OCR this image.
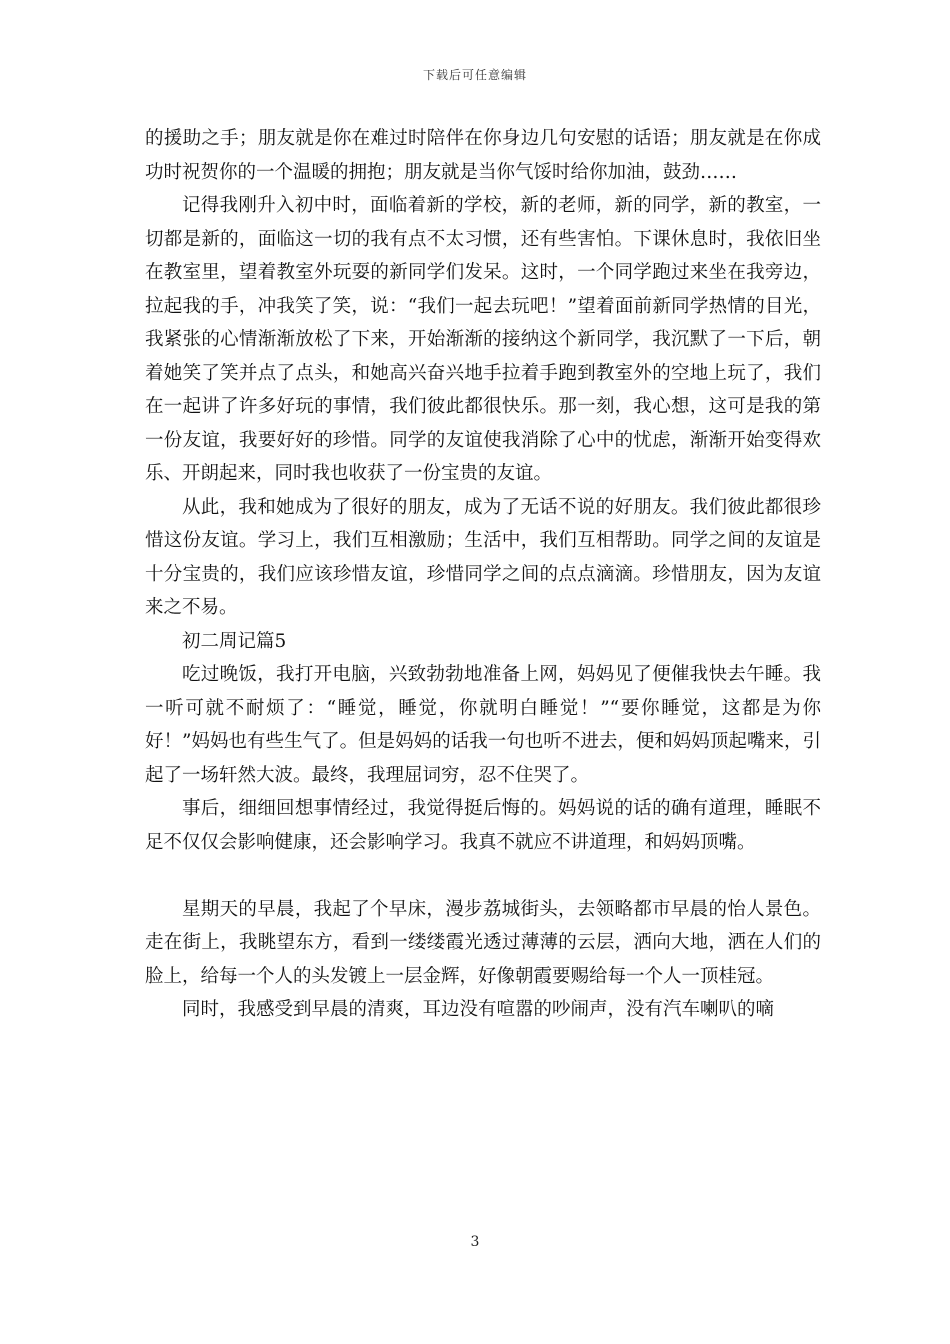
下载后可任意编辑

的援助之手；朋友就是你在难过时陪伴在你身边几句安慰的话语；朋友就是在你成功时祝贺你的一个温暖的拥抱；朋友就是当你气馁时给你加油，鼓劲……

记得我刚升入初中时，面临着新的学校，新的老师，新的同学，新的教室，一切都是新的，面临这一切的我有点不太习惯，还有些害怕。下课休息时，我依旧坐在教室里，望着教室外玩耍的新同学们发呆。这时，一个同学跑过来坐在我旁边，拉起我的手，冲我笑了笑，说：“我们一起去玩吧！”望着面前新同学热情的目光，我紧张的心情渐渐放松了下来，开始渐渐的接纳这个新同学，我沉默了一下后，朝着她笑了笑并点了点头，和她高兴奋兴地手拉着手跑到教室外的空地上玩了，我们在一起讲了许多好玩的事情，我们彼此都很快乐。那一刻，我心想，这可是我的第一份友谊，我要好好的珍惜。同学的友谊使我消除了心中的忧虑，渐渐开始变得欢乐、开朗起来，同时我也收获了一份宝贵的友谊。

从此，我和她成为了很好的朋友，成为了无话不说的好朋友。我们彼此都很珍惜这份友谊。学习上，我们互相激励；生活中，我们互相帮助。同学之间的友谊是十分宝贵的，我们应该珍惜友谊，珍惜同学之间的点点滴滴。珍惜朋友，因为友谊来之不易。

初二周记篇5

吃过晚饭，我打开电脑，兴致勃勃地准备上网，妈妈见了便催我快去午睡。我一听可就不耐烦了：“睡觉，睡觉，你就明白睡觉！”“要你睡觉，这都是为你好！”妈妈也有些生气了。但是妈妈的话我一句也听不进去，便和妈妈顶起嘴来，引起了一场轩然大波。最终，我理屈词穷，忍不住哭了。

事后，细细回想事情经过，我觉得挺后悔的。妈妈说的话的确有道理，睡眠不足不仅仅会影响健康，还会影响学习。我真不就应不讲道理，和妈妈顶嘴。

星期天的早晨，我起了个早床，漫步荔城街头，去领略都市早晨的怡人景色。走在街上，我眺望东方，看到一缕缕霞光透过薄薄的云层，洒向大地，洒在人们的脸上，给每一个人的头发镀上一层金辉，好像朝霞要赐给每一个人一顶桂冠。

同时，我感受到早晨的清爽，耳边没有喧嚣的吵闹声，没有汽车喇叭的嘀

3
